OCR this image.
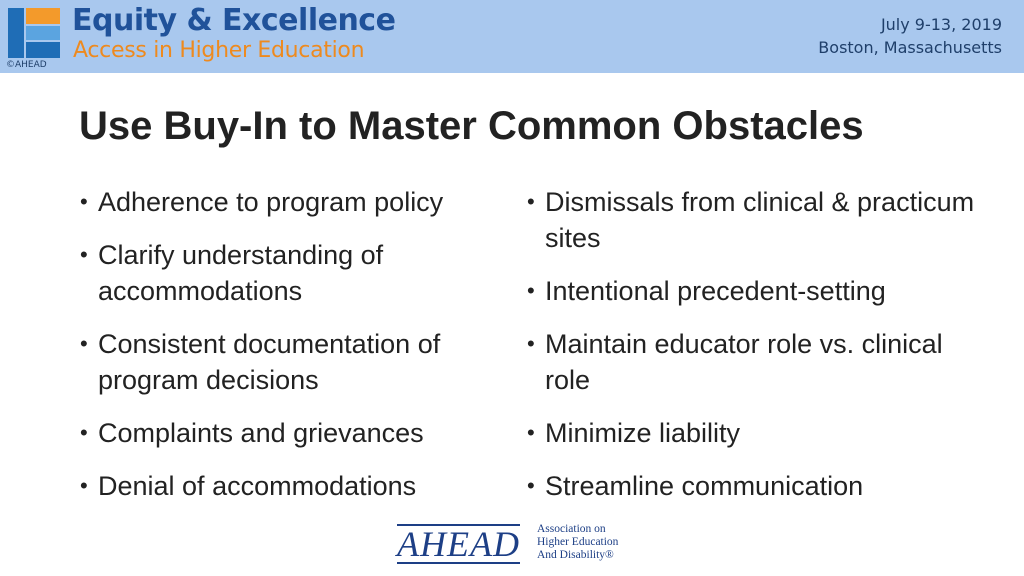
©AHEAD
Equity & Excellence
Access in Higher Education
July 9-13, 2019
Boston, Massachusetts
Use Buy-In to Master Common Obstacles
• Adherence to program policy
• Clarify understanding of accommodations
• Consistent documentation of program decisions
• Complaints and grievances
• Denial of accommodations
• Dismissals from clinical & practicum sites
• Intentional precedent-setting
• Maintain educator role vs. clinical role
• Minimize liability
• Streamline communication
AHEAD Association on
Higher Education
And Disability®
